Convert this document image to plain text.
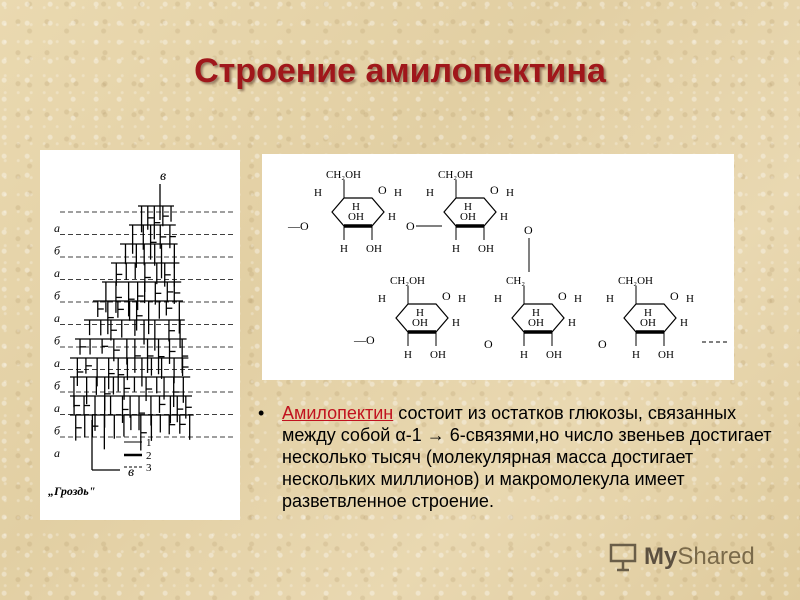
Строение амилопектина
в
в
а
б
а
б
а
б
а
б
а
б
а
1
2
3
„Гроздь"
O
CH₂OH
H
H
H
OH H
H OH
O
CH₂OH
H
H
H
OH H
H OH
—O	O	O
O
CH₂OH
H
H
H
OH H
H OH
O
CH₂
H
H
H
OH H
H OH
O
CH₂OH
H
H
H
OH H
H OH
—O	O	O

• Амилопектин состоит из остатков глюкозы, связанных между собой α-1 → 6-связями,но число звеньев достигает несколько тысяч (молекулярная масса достигает нескольких миллионов) и макромолекула имеет разветвленное строение.

MyShared
